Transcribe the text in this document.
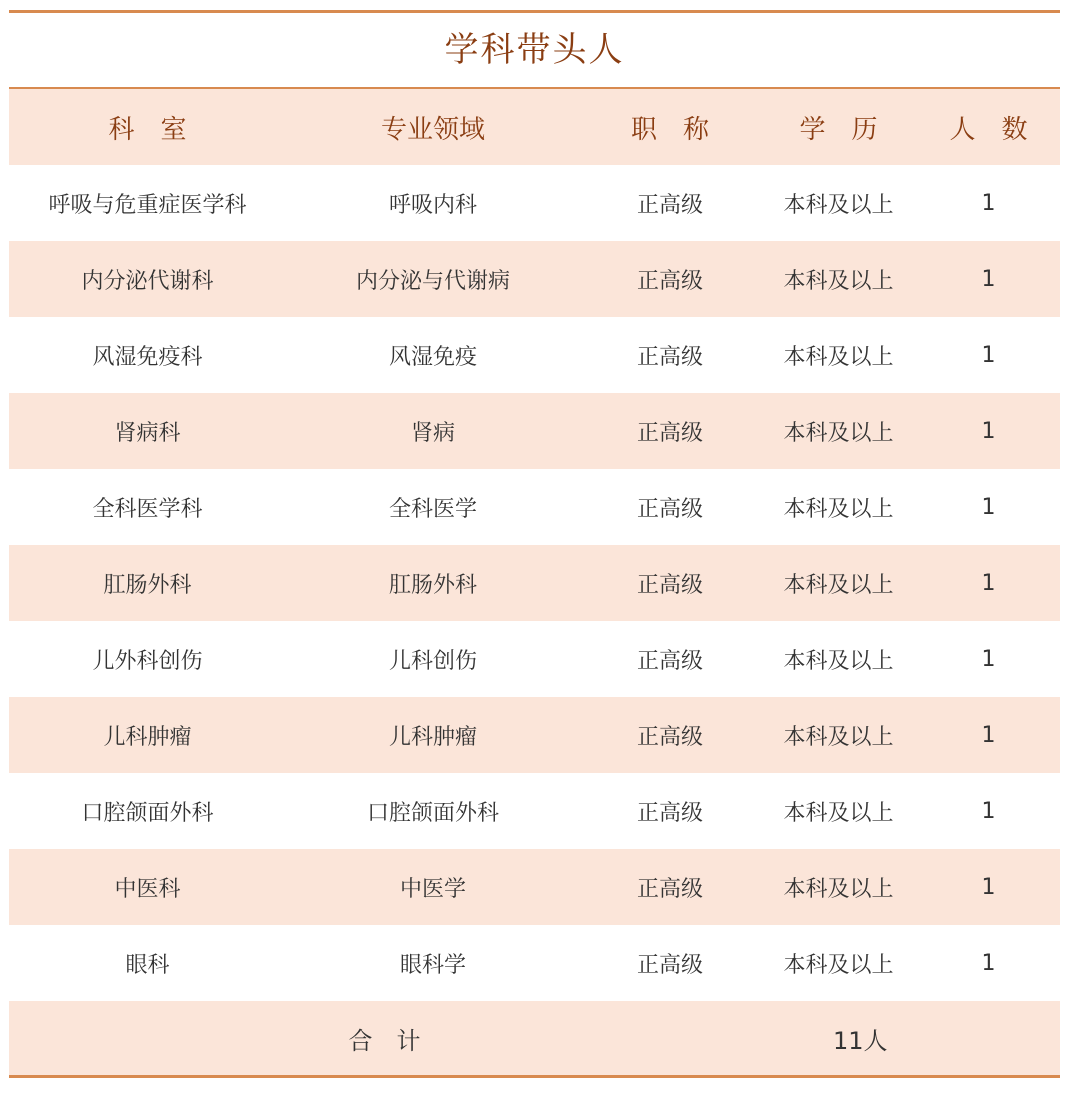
学科带头人
科　室	专业领域	职　称	学　历	人　数
呼吸与危重症医学科	呼吸内科	正高级	本科及以上	1
内分泌代谢科	内分泌与代谢病	正高级	本科及以上	1
风湿免疫科	风湿免疫	正高级	本科及以上	1
肾病科	肾病	正高级	本科及以上	1
全科医学科	全科医学	正高级	本科及以上	1
肛肠外科	肛肠外科	正高级	本科及以上	1
儿外科创伤	儿科创伤	正高级	本科及以上	1
儿科肿瘤	儿科肿瘤	正高级	本科及以上	1
口腔颌面外科	口腔颌面外科	正高级	本科及以上	1
中医科	中医学	正高级	本科及以上	1
眼科	眼科学	正高级	本科及以上	1
合　计			11人	
